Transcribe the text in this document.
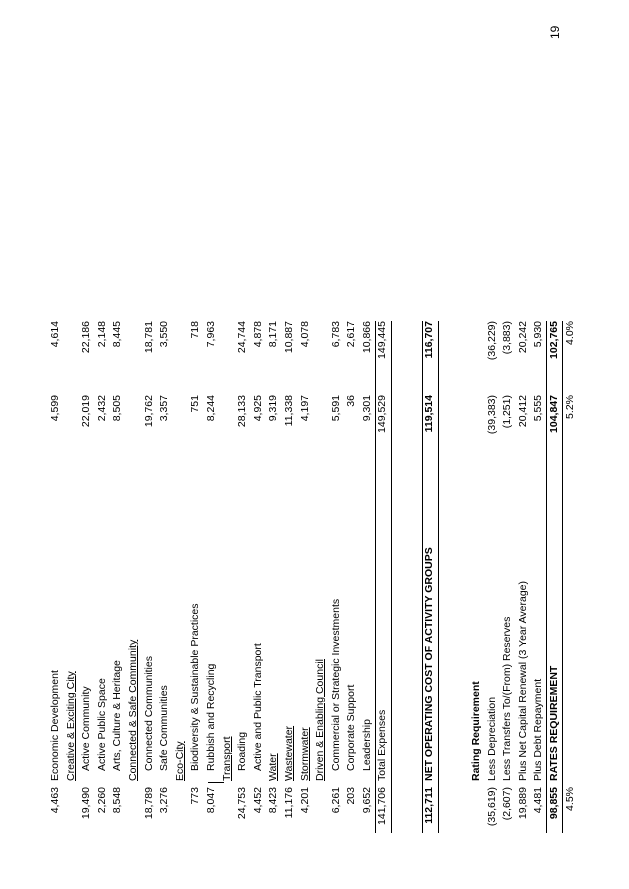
4,463
Economic Development
4,599
4,614
Creative & Exciting City
19,490
Active Community
22,019
22,186
2,260
Active Public Space
2,432
2,148
8,548
Arts, Culture & Heritage
8,505
8,445
Connected & Safe Community
18,789
Connected Communities
19,762
18,781
3,276
Safe Communities
3,357
3,550
Eco-City
773
Biodiversity & Sustainable Practices
751
718
8,047
Rubbish and Recycling
8,244
7,963
Transport
24,753
Roading
28,133
24,744
4,452
Active and Public Transport
4,925
4,878
8,423
Water
9,319
8,171
11,176
Wastewater
11,338
10,887
4,201
Stormwater
4,197
4,078
Driven & Enabling Council
6,261
Commercial or Strategic Investments
5,591
6,783
203
Corporate Support
36
2,617
9,652
Leadership
9,301
10,866
141,706
Total Expenses
149,529
149,445
112,711
NET OPERATING COST OF ACTIVITY GROUPS
119,514
116,707
Rating Requirement
(35,619)
Less Depreciation
(39,383)
(36,229)
(2,607)
Less Transfers To/(From) Reserves
(1,251)
(3,883)
19,889
Plus Net Capital Renewal (3 Year Average)
20,412
20,242
4,481
Plus Debt Repayment
5,555
5,930
98,855
RATES REQUIREMENT
104,847
102,765
4.5%
5.2%
4.0%
19
